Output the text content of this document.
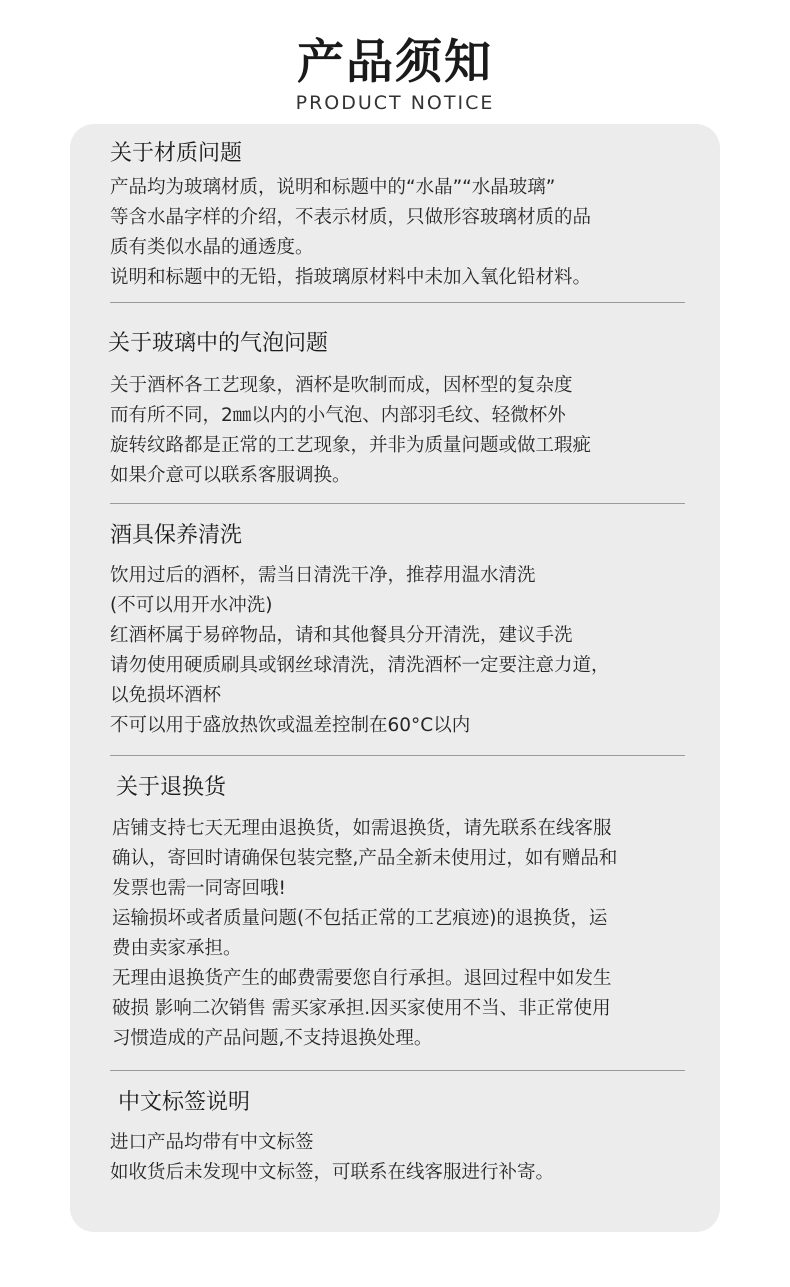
产品须知
PRODUCT NOTICE
关于材质问题
产品均为玻璃材质，说明和标题中的“水晶”“水晶玻璃”
等含水晶字样的介绍，不表示材质，只做形容玻璃材质的品
质有类似水晶的通透度。
说明和标题中的无铅，指玻璃原材料中未加入氧化铅材料。
关于玻璃中的气泡问题
关于酒杯各工艺现象，酒杯是吹制而成，因杯型的复杂度
而有所不同，2㎜以内的小气泡、内部羽毛纹、轻微杯外
旋转纹路都是正常的工艺现象，并非为质量问题或做工瑕疵
如果介意可以联系客服调换。
酒具保养清洗
饮用过后的酒杯，需当日清洗干净，推荐用温水清洗
(不可以用开水冲洗)
红酒杯属于易碎物品，请和其他餐具分开清洗，建议手洗
请勿使用硬质刷具或钢丝球清洗，清洗酒杯一定要注意力道，
以免损坏酒杯
不可以用于盛放热饮或温差控制在60°C以内
关于退换货
店铺支持七天无理由退换货，如需退换货，请先联系在线客服
确认，寄回时请确保包装完整,产品全新未使用过，如有赠品和
发票也需一同寄回哦!
运输损坏或者质量问题(不包括正常的工艺痕迹)的退换货，运
费由卖家承担。
无理由退换货产生的邮费需要您自行承担。退回过程中如发生
破损 影响二次销售 需买家承担.因买家使用不当、非正常使用
习惯造成的产品问题,不支持退换处理。
中文标签说明
进口产品均带有中文标签
如收货后未发现中文标签，可联系在线客服进行补寄。
